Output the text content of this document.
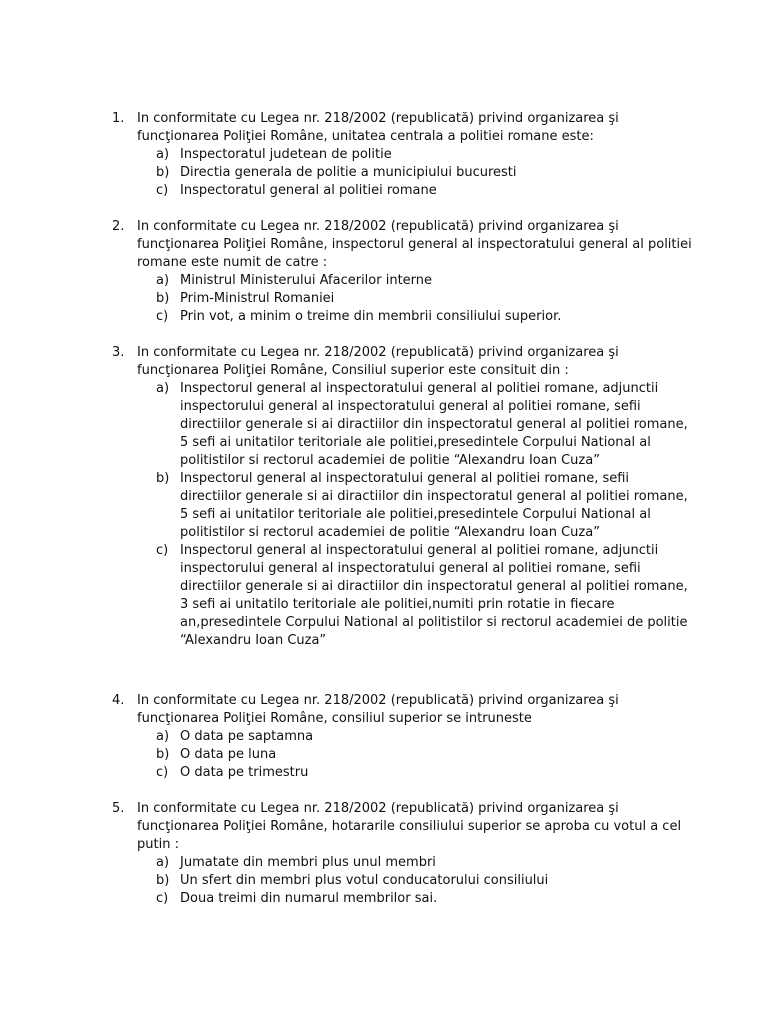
1. In conformitate cu Legea nr. 218/2002 (republicată) privind organizarea şi
funcţionarea Poliţiei Române, unitatea centrala a politiei romane este:
a) Inspectoratul judetean de politie
b) Directia generala de politie a municipiului bucuresti
c) Inspectoratul general al politiei romane
2. In conformitate cu Legea nr. 218/2002 (republicată) privind organizarea şi
funcţionarea Poliţiei Române, inspectorul general al inspectoratului general al politiei
romane este numit de catre :
a) Ministrul Ministerului Afacerilor interne
b) Prim-Ministrul Romaniei
c) Prin vot, a minim o treime din membrii consiliului superior.
3. In conformitate cu Legea nr. 218/2002 (republicată) privind organizarea şi
funcţionarea Poliţiei Române, Consiliul superior este consituit din :
a) Inspectorul general al inspectoratului general al politiei romane, adjunctii
inspectorului general al inspectoratului general al politiei romane, sefii
directiilor generale si ai diractiilor din inspectoratul general al politiei romane,
5 sefi ai unitatilor teritoriale ale politiei,presedintele Corpului National al
politistilor si rectorul academiei de politie “Alexandru Ioan Cuza”
b) Inspectorul general al inspectoratului general al politiei romane, sefii
directiilor generale si ai diractiilor din inspectoratul general al politiei romane,
5 sefi ai unitatilor teritoriale ale politiei,presedintele Corpului National al
politistilor si rectorul academiei de politie “Alexandru Ioan Cuza”
c) Inspectorul general al inspectoratului general al politiei romane, adjunctii
inspectorului general al inspectoratului general al politiei romane, sefii
directiilor generale si ai diractiilor din inspectoratul general al politiei romane,
3 sefi ai unitatilo teritoriale ale politiei,numiti prin rotatie in fiecare
an,presedintele Corpului National al politistilor si rectorul academiei de politie
“Alexandru Ioan Cuza”
4. In conformitate cu Legea nr. 218/2002 (republicată) privind organizarea şi
funcţionarea Poliţiei Române, consiliul superior se intruneste
a) O data pe saptamna
b) O data pe luna
c) O data pe trimestru
5. In conformitate cu Legea nr. 218/2002 (republicată) privind organizarea şi
funcţionarea Poliţiei Române, hotararile consiliului superior se aproba cu votul a cel
putin :
a) Jumatate din membri plus unul membri
b) Un sfert din membri plus votul conducatorului consiliului
c) Doua treimi din numarul membrilor sai.
